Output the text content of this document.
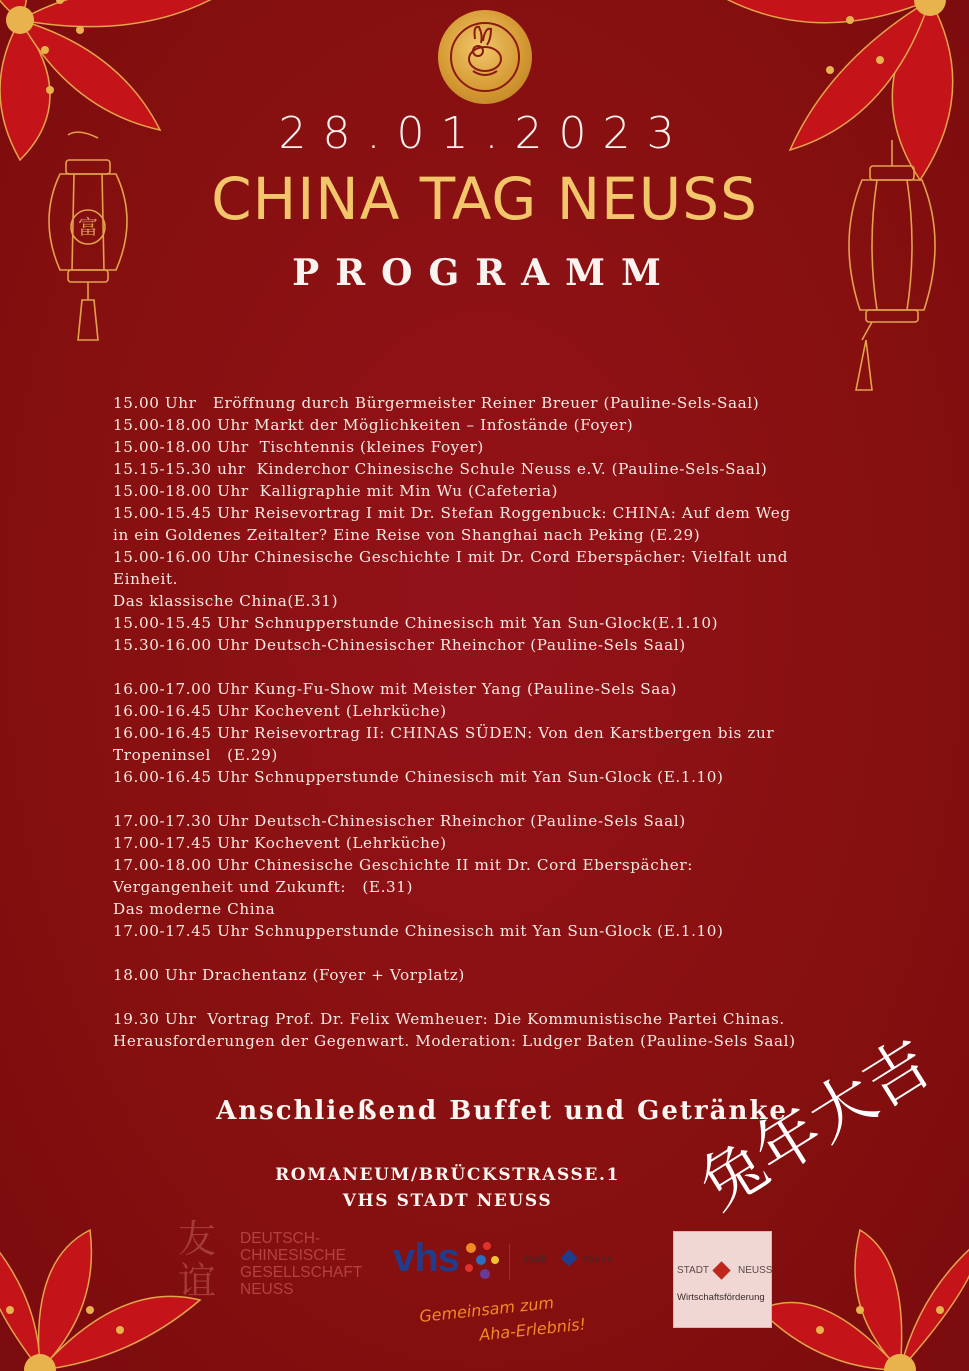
富
28.01.2023
CHINA TAG NEUSS
PROGRAMM
15.00 Uhr   Eröffnung durch Bürgermeister Reiner Breuer (Pauline-Sels-Saal)
15.00-18.00 Uhr Markt der Möglichkeiten – Infostände (Foyer)
15.00-18.00 Uhr  Tischtennis (kleines Foyer)
15.15-15.30 uhr  Kinderchor Chinesische Schule Neuss e.V. (Pauline-Sels-Saal)
15.00-18.00 Uhr  Kalligraphie mit Min Wu (Cafeteria)
15.00-15.45 Uhr Reisevortrag I mit Dr. Stefan Roggenbuck: CHINA: Auf dem Weg
in ein Goldenes Zeitalter? Eine Reise von Shanghai nach Peking (E.29)
15.00-16.00 Uhr Chinesische Geschichte I mit Dr. Cord Eberspächer: Vielfalt und
Einheit.
Das klassische China(E.31)
15.00-15.45 Uhr Schnupperstunde Chinesisch mit Yan Sun-Glock(E.1.10)
15.30-16.00 Uhr Deutsch-Chinesischer Rheinchor (Pauline-Sels Saal)
16.00-17.00 Uhr Kung-Fu-Show mit Meister Yang (Pauline-Sels Saa)
16.00-16.45 Uhr Kochevent (Lehrküche)
16.00-16.45 Uhr Reisevortrag II: CHINAS SÜDEN: Von den Karstbergen bis zur
Tropeninsel   (E.29)
16.00-16.45 Uhr Schnupperstunde Chinesisch mit Yan Sun-Glock (E.1.10)
17.00-17.30 Uhr Deutsch-Chinesischer Rheinchor (Pauline-Sels Saal)
17.00-17.45 Uhr Kochevent (Lehrküche)
17.00-18.00 Uhr Chinesische Geschichte II mit Dr. Cord Eberspächer:
Vergangenheit und Zukunft:   (E.31)
Das moderne China
17.00-17.45 Uhr Schnupperstunde Chinesisch mit Yan Sun-Glock (E.1.10)
18.00 Uhr Drachentanz (Foyer + Vorplatz)
19.30 Uhr  Vortrag Prof. Dr. Felix Wemheuer: Die Kommunistische Partei Chinas.
Herausforderungen der Gegenwart. Moderation: Ludger Baten (Pauline-Sels Saal)
Anschließend Buffet und Getränke
ROMANEUM/BRÜCKSTRASSE.1
VHS STADT NEUSS	兔年大吉
友
谊
DEUTSCH-
CHINESISCHE
GESELLSCHAFT
NEUSS
vhs	stadt	neuss
Gemeinsam zum
Aha-Erlebnis!
STADT	NEUSS
Wirtschaftsförderung
